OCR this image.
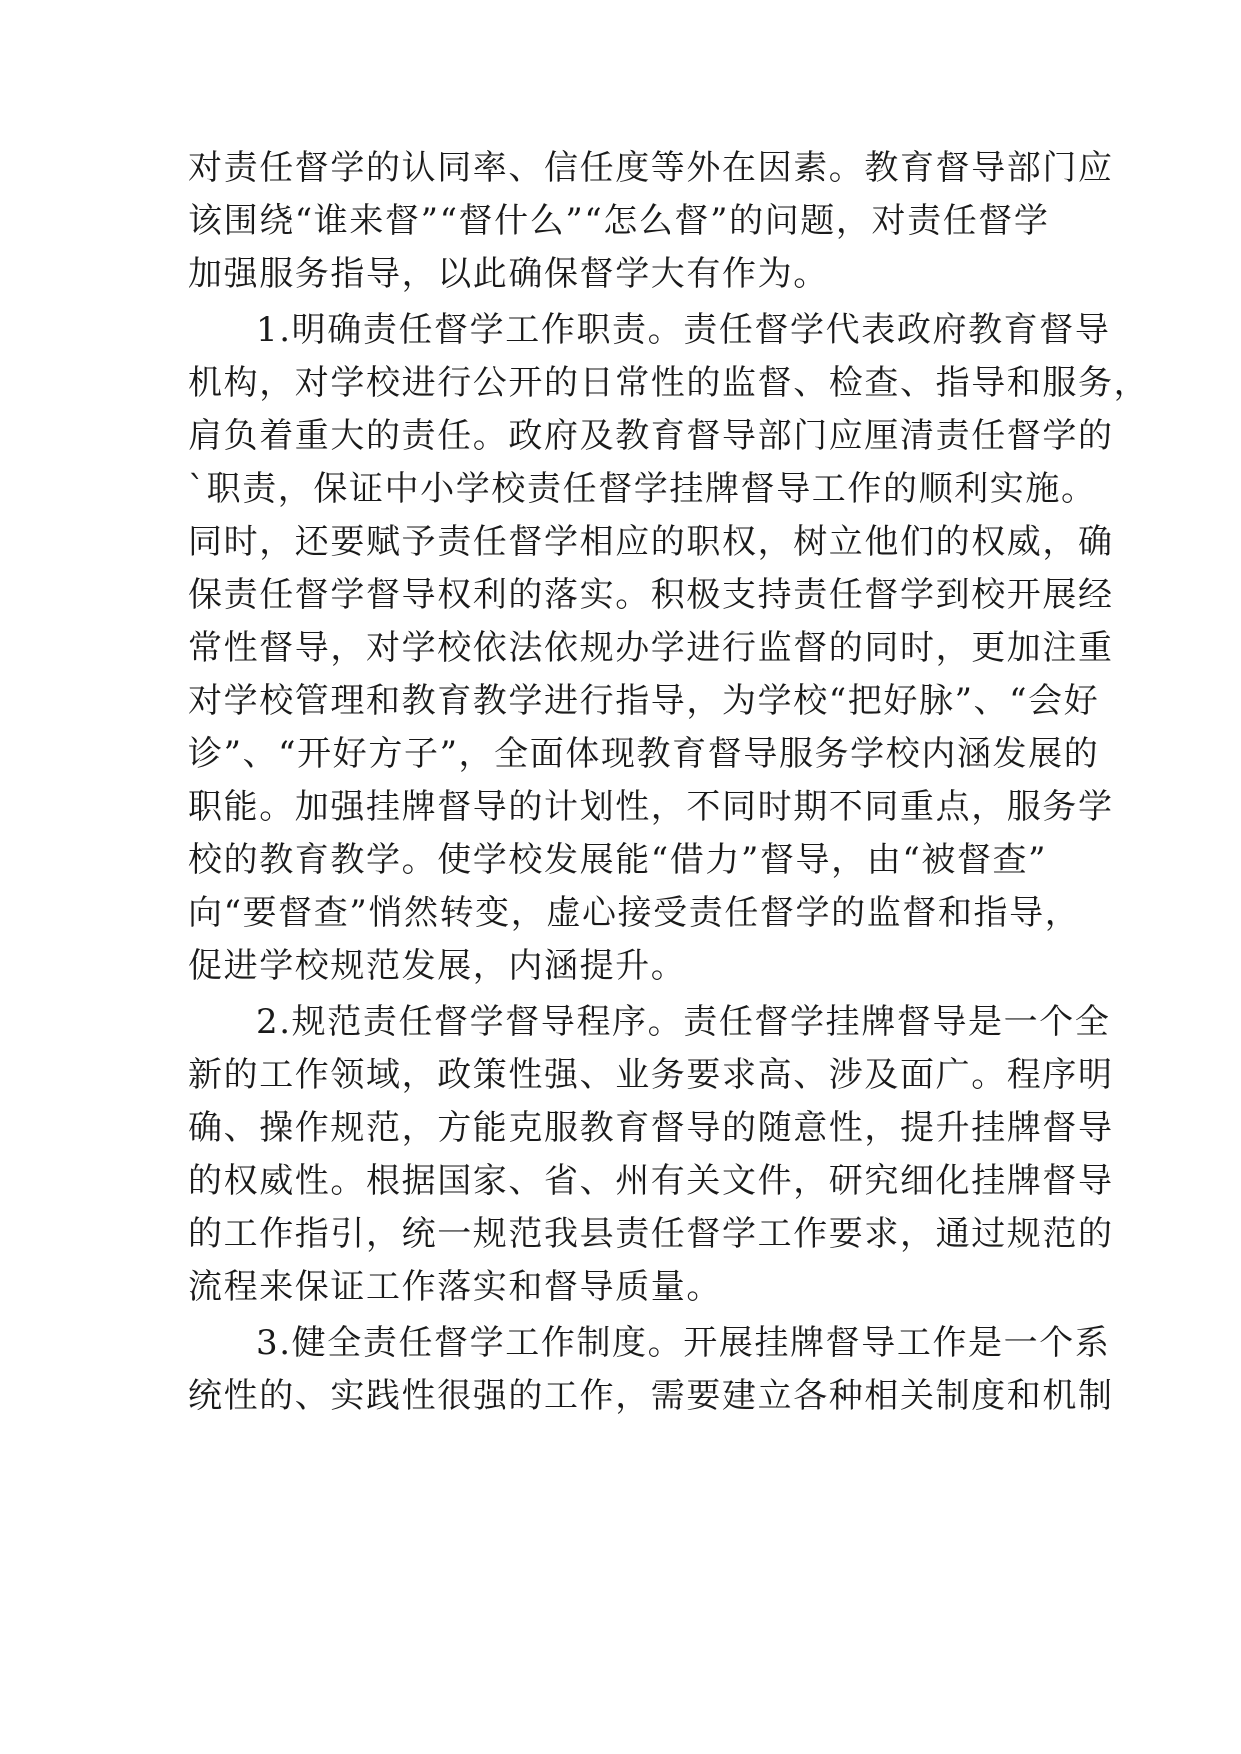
对责任督学的认同率、信任度等外在因素。教育督导部门应
该围绕“谁来督”“督什么”“怎么督”的问题，对责任督学
加强服务指导，以此确保督学大有作为。
1.明确责任督学工作职责。责任督学代表政府教育督导
机构，对学校进行公开的日常性的监督、检查、指导和服务，
肩负着重大的责任。政府及教育督导部门应厘清责任督学的
`职责，保证中小学校责任督学挂牌督导工作的顺利实施。
同时，还要赋予责任督学相应的职权，树立他们的权威，确
保责任督学督导权利的落实。积极支持责任督学到校开展经
常性督导，对学校依法依规办学进行监督的同时，更加注重
对学校管理和教育教学进行指导，为学校“把好脉”、“会好
诊”、“开好方子”，全面体现教育督导服务学校内涵发展的
职能。加强挂牌督导的计划性，不同时期不同重点，服务学
校的教育教学。使学校发展能“借力”督导，由“被督查”
向“要督查”悄然转变，虚心接受责任督学的监督和指导，
促进学校规范发展，内涵提升。
2.规范责任督学督导程序。责任督学挂牌督导是一个全
新的工作领域，政策性强、业务要求高、涉及面广。程序明
确、操作规范，方能克服教育督导的随意性，提升挂牌督导
的权威性。根据国家、省、州有关文件，研究细化挂牌督导
的工作指引，统一规范我县责任督学工作要求，通过规范的
流程来保证工作落实和督导质量。
3.健全责任督学工作制度。开展挂牌督导工作是一个系
统性的、实践性很强的工作，需要建立各种相关制度和机制
